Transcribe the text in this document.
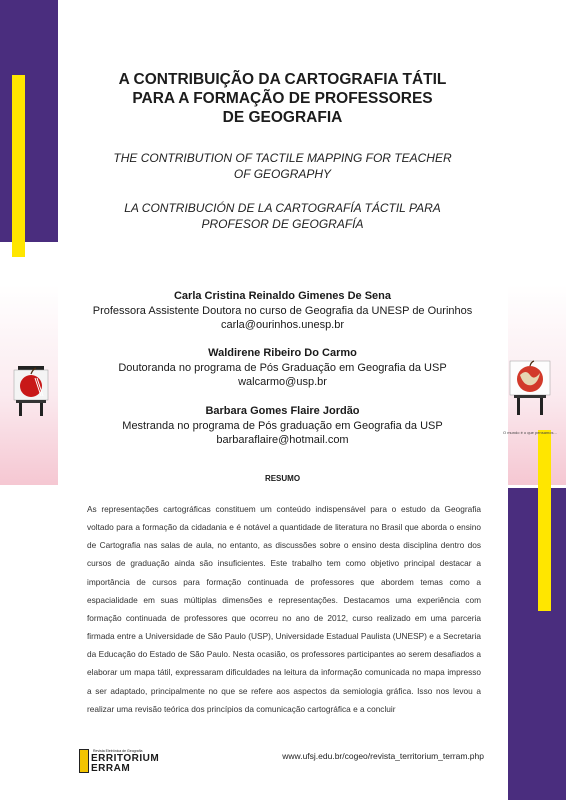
O mundo é o que pensamos...
A CONTRIBUIÇÃO DA CARTOGRAFIA TÁTIL
PARA A FORMAÇÃO DE PROFESSORES
DE GEOGRAFIA
THE CONTRIBUTION OF TACTILE MAPPING FOR TEACHER
OF GEOGRAPHY
LA CONTRIBUCIÓN DE LA CARTOGRAFÍA TÁCTIL PARA
PROFESOR DE GEOGRAFÍA
Carla Cristina Reinaldo Gimenes De Sena
Professora Assistente Doutora no curso de Geografia da UNESP de Ourinhos
carla@ourinhos.unesp.br
Waldirene Ribeiro Do Carmo
Doutoranda no programa de Pós Graduação em Geografia da USP
walcarmo@usp.br
Barbara Gomes Flaire Jordão
Mestranda no programa de Pós graduação em Geografia da USP
barbaraflaire@hotmail.com
RESUMO

As representações cartográficas constituem um conteúdo indispensável para o estudo da Geografia voltado para a formação da cidadania e é notável a quantidade de literatura no Brasil que aborda o ensino de Cartografia nas salas de aula, no entanto, as discussões sobre o ensino desta disciplina dentro dos cursos de graduação ainda são insuficientes. Este trabalho tem como objetivo principal destacar a importância de cursos para formação continuada de professores que abordem temas como a espacialidade em suas múltiplas dimensões e representações. Destacamos uma experiência com formação continuada de professores que ocorreu no ano de 2012, curso realizado em uma parceria firmada entre a Universidade de São Paulo (USP), Universidade Estadual Paulista (UNESP) e a Secretaria da Educação do Estado de São Paulo. Nesta ocasião, os professores participantes ao serem desafiados a elaborar um mapa tátil, expressaram dificuldades na leitura da informação comunicada no mapa impresso a ser adaptado, principalmente no que se refere aos aspectos da semiologia gráfica. Isso nos levou a realizar uma revisão teórica dos princípios da comunicação cartográfica e a concluir

Revista Eletrônica de Geografia
ERRITORIUM
ERRAM
www.ufsj.edu.br/cogeo/revista_territorium_terram.php
